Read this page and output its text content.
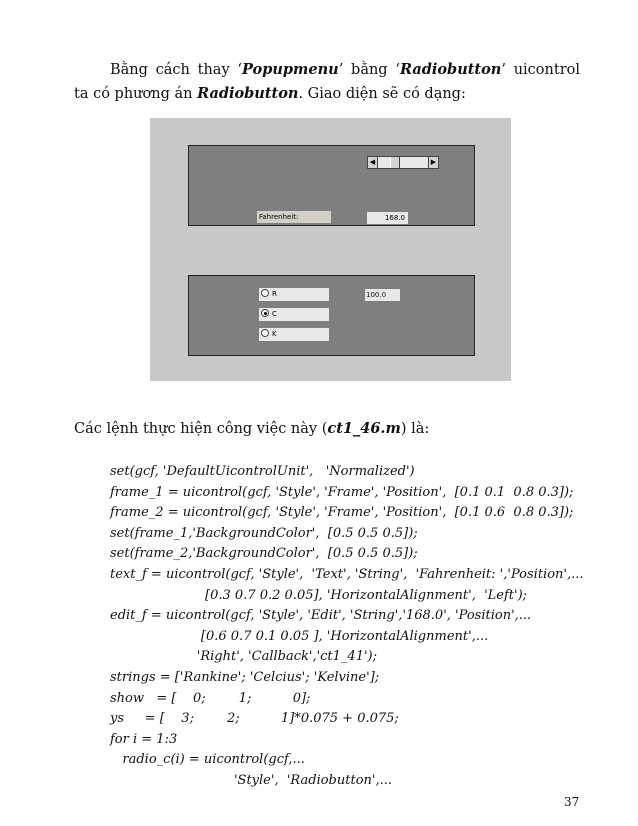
Bằng cách thay ‘Popupmenu’ bằng ‘Radiobutton’ uicontrol ta có phương án Radiobutton. Giao diện sẽ có dạng:

◀	▶
Fahrenheit:	168.0
R
C
K
100.0

Các lệnh thực hiện công việc này (ct1_46.m) là:

set(gcf, 'DefaultUicontrolUnit',   'Normalized')
frame_1 = uicontrol(gcf, 'Style', 'Frame', 'Position',  [0.1 0.1  0.8 0.3]);
frame_2 = uicontrol(gcf, 'Style', 'Frame', 'Position',  [0.1 0.6  0.8 0.3]);
set(frame_1,'BackgroundColor',  [0.5 0.5 0.5]);
set(frame_2,'BackgroundColor',  [0.5 0.5 0.5]);
text_f = uicontrol(gcf, 'Style',  'Text', 'String',  'Fahrenheit: ','Position',...
[0.3 0.7 0.2 0.05], 'HorizontalAlignment',  'Left');
edit_f = uicontrol(gcf, 'Style', 'Edit', 'String','168.0', 'Position',...
[0.6 0.7 0.1 0.05 ], 'HorizontalAlignment',...
'Right', 'Callback','ct1_41');
strings = ['Rankine'; 'Celcius'; 'Kelvine'];
show   = [    0;        1;          0];
ys     = [    3;        2;          1]*0.075 + 0.075;
for i = 1:3
radio_c(i) = uicontrol(gcf,...
'Style',  'Radiobutton',...
37
